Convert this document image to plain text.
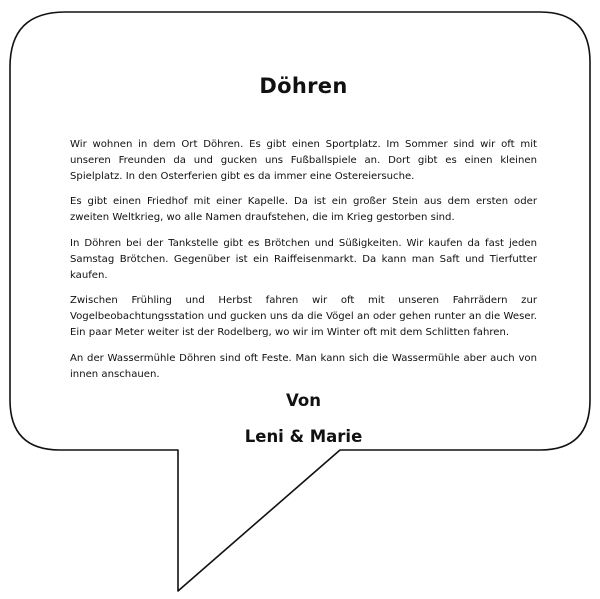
Döhren

Wir wohnen in dem Ort Döhren. Es gibt einen Sportplatz. Im Sommer sind wir oft mit unseren Freunden da und gucken uns Fußballspiele an. Dort gibt es einen kleinen Spielplatz. In den Osterferien gibt es da immer eine Ostereiersuche.

Es gibt einen Friedhof mit einer Kapelle. Da ist ein großer Stein aus dem ersten oder zweiten Weltkrieg, wo alle Namen draufstehen, die im Krieg gestorben sind.

In Döhren bei der Tankstelle gibt es Brötchen und Süßigkeiten. Wir kaufen da fast jeden Samstag Brötchen. Gegenüber ist ein Raiffeisenmarkt. Da kann man Saft und Tierfutter kaufen.

Zwischen Frühling und Herbst fahren wir oft mit unseren Fahrrädern zur Vogelbeobachtungsstation und gucken uns da die Vögel an oder gehen runter an die Weser. Ein paar Meter weiter ist der Rodelberg, wo wir im Winter oft mit dem Schlitten fahren.

An der Wassermühle Döhren sind oft Feste. Man kann sich die Wassermühle aber auch von innen anschauen.

Von

Leni & Marie
